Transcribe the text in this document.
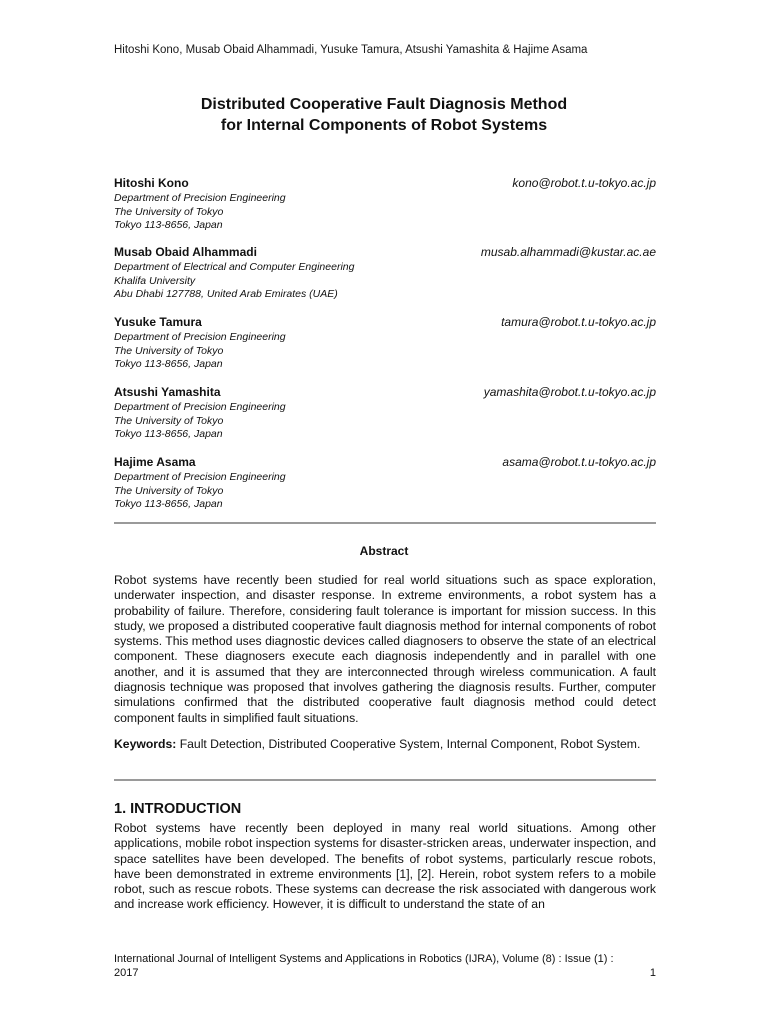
Hitoshi Kono, Musab Obaid Alhammadi, Yusuke Tamura, Atsushi Yamashita & Hajime Asama
Distributed Cooperative Fault Diagnosis Method
for Internal Components of Robot Systems
Hitoshi Kono	kono@robot.t.u-tokyo.ac.jp
Department of Precision Engineering
The University of Tokyo
Tokyo 113-8656, Japan
Musab Obaid Alhammadi	musab.alhammadi@kustar.ac.ae
Department of Electrical and Computer Engineering
Khalifa University
Abu Dhabi 127788, United Arab Emirates (UAE)
Yusuke Tamura	tamura@robot.t.u-tokyo.ac.jp
Department of Precision Engineering
The University of Tokyo
Tokyo 113-8656, Japan
Atsushi Yamashita	yamashita@robot.t.u-tokyo.ac.jp
Department of Precision Engineering
The University of Tokyo
Tokyo 113-8656, Japan
Hajime Asama	asama@robot.t.u-tokyo.ac.jp
Department of Precision Engineering
The University of Tokyo
Tokyo 113-8656, Japan
Abstract
Robot systems have recently been studied for real world situations such as space exploration, underwater inspection, and disaster response. In extreme environments, a robot system has a probability of failure. Therefore, considering fault tolerance is important for mission success. In this study, we proposed a distributed cooperative fault diagnosis method for internal components of robot systems. This method uses diagnostic devices called diagnosers to observe the state of an electrical component. These diagnosers execute each diagnosis independently and in parallel with one another, and it is assumed that they are interconnected through wireless communication. A fault diagnosis technique was proposed that involves gathering the diagnosis results. Further, computer simulations confirmed that the distributed cooperative fault diagnosis method could detect component faults in simplified fault situations.
Keywords: Fault Detection, Distributed Cooperative System, Internal Component, Robot System.
1. INTRODUCTION
Robot systems have recently been deployed in many real world situations. Among other applications, mobile robot inspection systems for disaster-stricken areas, underwater inspection, and space satellites have been developed. The benefits of robot systems, particularly rescue robots, have been demonstrated in extreme environments [1], [2]. Herein, robot system refers to a mobile robot, such as rescue robots. These systems can decrease the risk associated with dangerous work and increase work efficiency. However, it is difficult to understand the state of an
International Journal of Intelligent Systems and Applications in Robotics (IJRA), Volume (8) : Issue (1) : 2017	1
